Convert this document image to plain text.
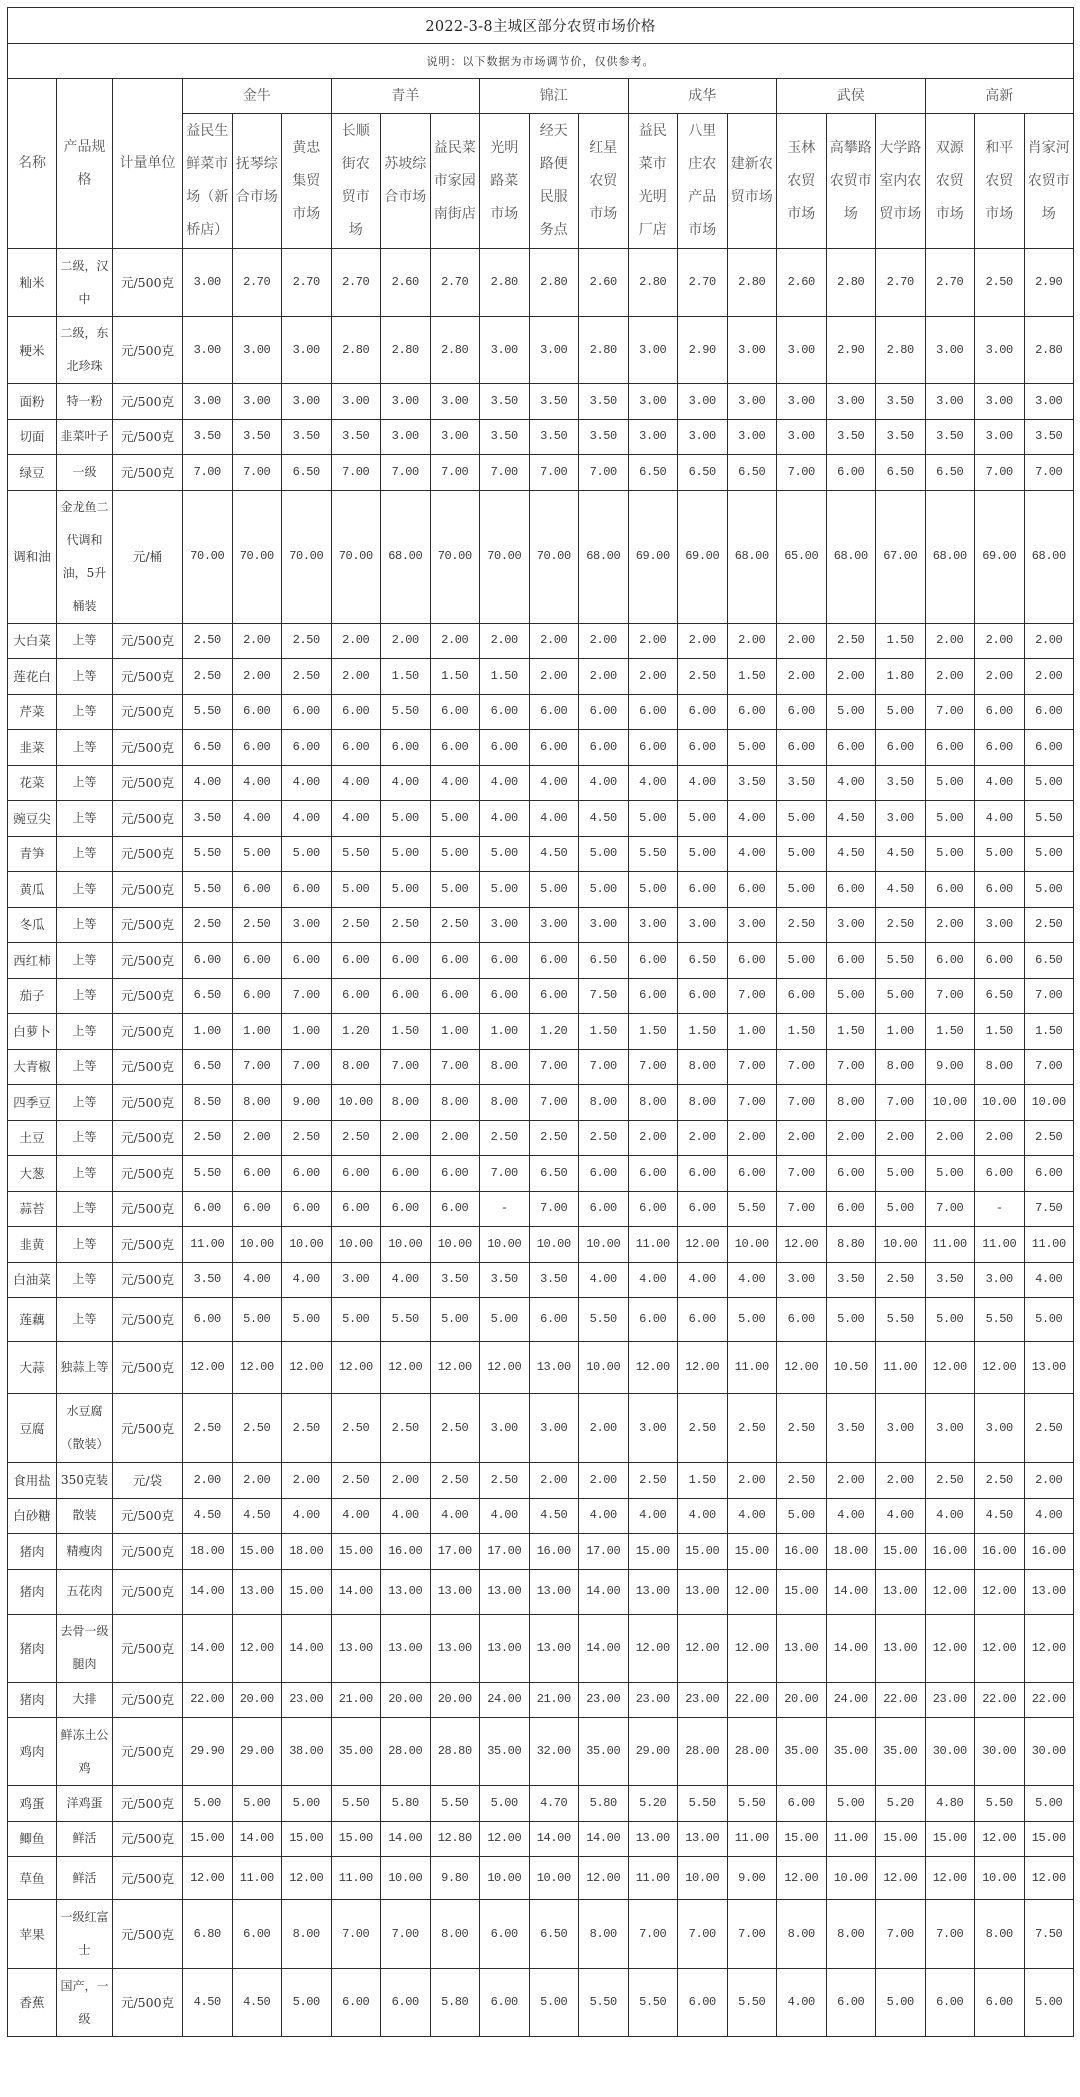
2022-3-8主城区部分农贸市场价格																				
说明：以下数据为市场调节价，仅供参考。																				
名称	产品规格	计量单位	金牛			青羊			锦江			成华			武侯			高新		
			益民生鲜菜市场（新桥店）	抚琴综合市场	黄忠集贸市场	长顺街农贸市场	苏坡综合市场	益民菜市家园南街店	光明路菜市场	经天路便民服务点	红星农贸市场	益民菜市光明厂店	八里庄农产品市场	建新农贸市场	玉林农贸市场	高攀路农贸市场	大学路室内农贸市场	双源农贸市场	和平农贸市场	肖家河农贸市场
籼米	二级，汉中	元/500克	3.00	2.70	2.70	2.70	2.60	2.70	2.80	2.80	2.60	2.80	2.70	2.80	2.60	2.80	2.70	2.70	2.50	2.90
粳米	二级，东北珍珠	元/500克	3.00	3.00	3.00	2.80	2.80	2.80	3.00	3.00	2.80	3.00	2.90	3.00	3.00	2.90	2.80	3.00	3.00	2.80
面粉	特一粉	元/500克	3.00	3.00	3.00	3.00	3.00	3.00	3.50	3.50	3.50	3.00	3.00	3.00	3.00	3.00	3.50	3.00	3.00	3.00
切面	韭菜叶子	元/500克	3.50	3.50	3.50	3.50	3.00	3.00	3.50	3.50	3.50	3.00	3.00	3.00	3.00	3.50	3.50	3.50	3.00	3.50
绿豆	一级	元/500克	7.00	7.00	6.50	7.00	7.00	7.00	7.00	7.00	7.00	6.50	6.50	6.50	7.00	6.00	6.50	6.50	7.00	7.00
调和油	金龙鱼二代调和油，5升桶装	元/桶	70.00	70.00	70.00	70.00	68.00	70.00	70.00	70.00	68.00	69.00	69.00	68.00	65.00	68.00	67.00	68.00	69.00	68.00
大白菜	上等	元/500克	2.50	2.00	2.50	2.00	2.00	2.00	2.00	2.00	2.00	2.00	2.00	2.00	2.00	2.50	1.50	2.00	2.00	2.00
莲花白	上等	元/500克	2.50	2.00	2.50	2.00	1.50	1.50	1.50	2.00	2.00	2.00	2.50	1.50	2.00	2.00	1.80	2.00	2.00	2.00
芹菜	上等	元/500克	5.50	6.00	6.00	6.00	5.50	6.00	6.00	6.00	6.00	6.00	6.00	6.00	6.00	5.00	5.00	7.00	6.00	6.00
韭菜	上等	元/500克	6.50	6.00	6.00	6.00	6.00	6.00	6.00	6.00	6.00	6.00	6.00	5.00	6.00	6.00	6.00	6.00	6.00	6.00
花菜	上等	元/500克	4.00	4.00	4.00	4.00	4.00	4.00	4.00	4.00	4.00	4.00	4.00	3.50	3.50	4.00	3.50	5.00	4.00	5.00
豌豆尖	上等	元/500克	3.50	4.00	4.00	4.00	5.00	5.00	4.00	4.00	4.50	5.00	5.00	4.00	5.00	4.50	3.00	5.00	4.00	5.50
青笋	上等	元/500克	5.50	5.00	5.00	5.50	5.00	5.00	5.00	4.50	5.00	5.50	5.00	4.00	5.00	4.50	4.50	5.00	5.00	5.00
黄瓜	上等	元/500克	5.50	6.00	6.00	5.00	5.00	5.00	5.00	5.00	5.00	5.00	6.00	6.00	5.00	6.00	4.50	6.00	6.00	5.00
冬瓜	上等	元/500克	2.50	2.50	3.00	2.50	2.50	2.50	3.00	3.00	3.00	3.00	3.00	3.00	2.50	3.00	2.50	2.00	3.00	2.50
西红柿	上等	元/500克	6.00	6.00	6.00	6.00	6.00	6.00	6.00	6.00	6.50	6.00	6.50	6.00	5.00	6.00	5.50	6.00	6.00	6.50
茄子	上等	元/500克	6.50	6.00	7.00	6.00	6.00	6.00	6.00	6.00	7.50	6.00	6.00	7.00	6.00	5.00	5.00	7.00	6.50	7.00
白萝卜	上等	元/500克	1.00	1.00	1.00	1.20	1.50	1.00	1.00	1.20	1.50	1.50	1.50	1.00	1.50	1.50	1.00	1.50	1.50	1.50
大青椒	上等	元/500克	6.50	7.00	7.00	8.00	7.00	7.00	8.00	7.00	7.00	7.00	8.00	7.00	7.00	7.00	8.00	9.00	8.00	7.00
四季豆	上等	元/500克	8.50	8.00	9.00	10.00	8.00	8.00	8.00	7.00	8.00	8.00	8.00	7.00	7.00	8.00	7.00	10.00	10.00	10.00
土豆	上等	元/500克	2.50	2.00	2.50	2.50	2.00	2.00	2.50	2.50	2.50	2.00	2.00	2.00	2.00	2.00	2.00	2.00	2.00	2.50
大葱	上等	元/500克	5.50	6.00	6.00	6.00	6.00	6.00	7.00	6.50	6.00	6.00	6.00	6.00	7.00	6.00	5.00	5.00	6.00	6.00
蒜苔	上等	元/500克	6.00	6.00	6.00	6.00	6.00	6.00	-	7.00	6.00	6.00	6.00	5.50	7.00	6.00	5.00	7.00	-	7.50
韭黄	上等	元/500克	11.00	10.00	10.00	10.00	10.00	10.00	10.00	10.00	10.00	11.00	12.00	10.00	12.00	8.80	10.00	11.00	11.00	11.00
白油菜	上等	元/500克	3.50	4.00	4.00	3.00	4.00	3.50	3.50	3.50	4.00	4.00	4.00	4.00	3.00	3.50	2.50	3.50	3.00	4.00
莲藕	上等	元/500克	6.00	5.00	5.00	5.00	5.50	5.00	5.00	6.00	5.50	6.00	6.00	5.00	6.00	5.00	5.50	5.00	5.50	5.00
大蒜	独蒜上等	元/500克	12.00	12.00	12.00	12.00	12.00	12.00	12.00	13.00	10.00	12.00	12.00	11.00	12.00	10.50	11.00	12.00	12.00	13.00
豆腐	水豆腐（散装）	元/500克	2.50	2.50	2.50	2.50	2.50	2.50	3.00	3.00	2.00	3.00	2.50	2.50	2.50	3.50	3.00	3.00	3.00	2.50
食用盐	350克装	元/袋	2.00	2.00	2.00	2.50	2.00	2.50	2.50	2.00	2.00	2.50	1.50	2.00	2.50	2.00	2.00	2.50	2.50	2.00
白砂糖	散装	元/500克	4.50	4.50	4.00	4.00	4.00	4.00	4.00	4.50	4.00	4.00	4.00	4.00	5.00	4.00	4.00	4.00	4.50	4.00
猪肉	精瘦肉	元/500克	18.00	15.00	18.00	15.00	16.00	17.00	17.00	16.00	17.00	15.00	15.00	15.00	16.00	18.00	15.00	16.00	16.00	16.00
猪肉	五花肉	元/500克	14.00	13.00	15.00	14.00	13.00	13.00	13.00	13.00	14.00	13.00	13.00	12.00	15.00	14.00	13.00	12.00	12.00	13.00
猪肉	去骨一级腿肉	元/500克	14.00	12.00	14.00	13.00	13.00	13.00	13.00	13.00	14.00	12.00	12.00	12.00	13.00	14.00	13.00	12.00	12.00	12.00
猪肉	大排	元/500克	22.00	20.00	23.00	21.00	20.00	20.00	24.00	21.00	23.00	23.00	23.00	22.00	20.00	24.00	22.00	23.00	22.00	22.00
鸡肉	鲜冻土公鸡	元/500克	29.90	29.00	38.00	35.00	28.00	28.80	35.00	32.00	35.00	29.00	28.00	28.00	35.00	35.00	35.00	30.00	30.00	30.00
鸡蛋	洋鸡蛋	元/500克	5.00	5.00	5.00	5.50	5.80	5.50	5.00	4.70	5.80	5.20	5.50	5.50	6.00	5.00	5.20	4.80	5.50	5.00
鲫鱼	鲜活	元/500克	15.00	14.00	15.00	15.00	14.00	12.80	12.00	14.00	14.00	13.00	13.00	11.00	15.00	11.00	15.00	15.00	12.00	15.00
草鱼	鲜活	元/500克	12.00	11.00	12.00	11.00	10.00	9.80	10.00	10.00	12.00	11.00	10.00	9.00	12.00	10.00	12.00	12.00	10.00	12.00
苹果	一级红富士	元/500克	6.80	6.00	8.00	7.00	7.00	8.00	6.00	6.50	8.00	7.00	7.00	7.00	8.00	8.00	7.00	7.00	8.00	7.50
香蕉	国产，一级	元/500克	4.50	4.50	5.00	6.00	6.00	5.80	6.00	5.00	5.50	5.50	6.00	5.50	4.00	6.00	5.00	6.00	6.00	5.00
